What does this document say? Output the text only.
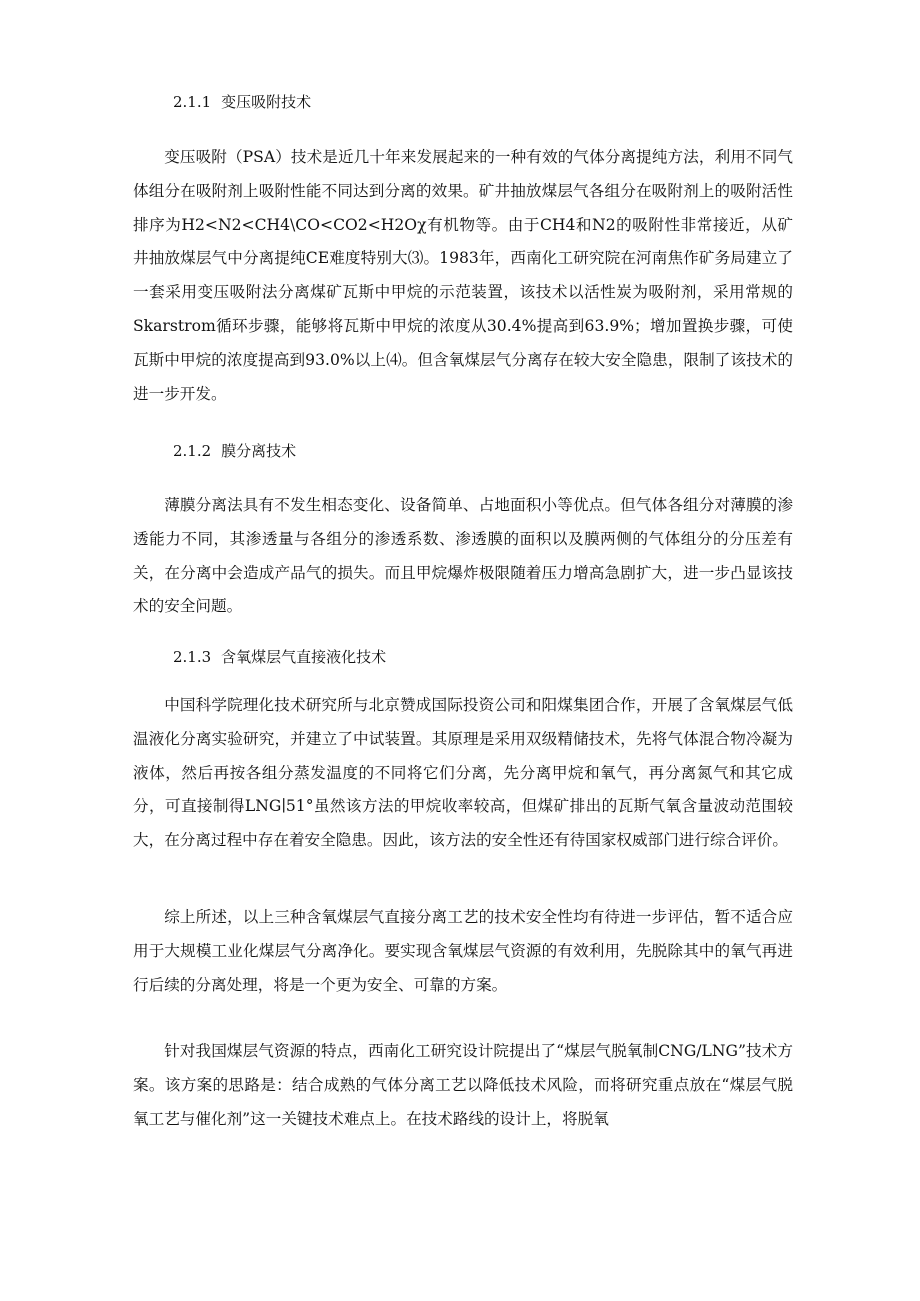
2.1.1 变压吸附技术

变压吸附（PSA）技术是近几十年来发展起来的一种有效的气体分离提纯方法，利用不同气体组分在吸附剂上吸附性能不同达到分离的效果。矿井抽放煤层气各组分在吸附剂上的吸附活性排序为H2<N2<CH4\CO<CO2<H2Oχ有机物等。由于CH4和N2的吸附性非常接近，从矿井抽放煤层气中分离提纯CE难度特别大⑶。1983年，西南化工研究院在河南焦作矿务局建立了一套采用变压吸附法分离煤矿瓦斯中甲烷的示范装置，该技术以活性炭为吸附剂，采用常规的Skarstrom循环步骤，能够将瓦斯中甲烷的浓度从30.4%提高到63.9%；增加置换步骤，可使瓦斯中甲烷的浓度提高到93.0%以上⑷。但含氧煤层气分离存在较大安全隐患，限制了该技术的进一步开发。

2.1.2 膜分离技术

薄膜分离法具有不发生相态变化、设备简单、占地面积小等优点。但气体各组分对薄膜的渗透能力不同，其渗透量与各组分的渗透系数、渗透膜的面积以及膜两侧的气体组分的分压差有关，在分离中会造成产品气的损失。而且甲烷爆炸极限随着压力增高急剧扩大，进一步凸显该技术的安全问题。

2.1.3 含氧煤层气直接液化技术

中国科学院理化技术研究所与北京赞成国际投资公司和阳煤集团合作，开展了含氧煤层气低温液化分离实验研究，并建立了中试装置。其原理是采用双级精储技术，先将气体混合物冷凝为液体，然后再按各组分蒸发温度的不同将它们分离，先分离甲烷和氧气，再分离氮气和其它成分，可直接制得LNG∣51°虽然该方法的甲烷收率较高，但煤矿排出的瓦斯气氧含量波动范围较大，在分离过程中存在着安全隐患。因此，该方法的安全性还有待国家权威部门进行综合评价。

综上所述，以上三种含氧煤层气直接分离工艺的技术安全性均有待进一步评估，暂不适合应用于大规模工业化煤层气分离净化。要实现含氧煤层气资源的有效利用，先脱除其中的氧气再进行后续的分离处理，将是一个更为安全、可靠的方案。

针对我国煤层气资源的特点，西南化工研究设计院提出了“煤层气脱氧制CNG/LNG”技术方案。该方案的思路是：结合成熟的气体分离工艺以降低技术风险，而将研究重点放在“煤层气脱氧工艺与催化剂”这一关键技术难点上。在技术路线的设计上，将脱氧
